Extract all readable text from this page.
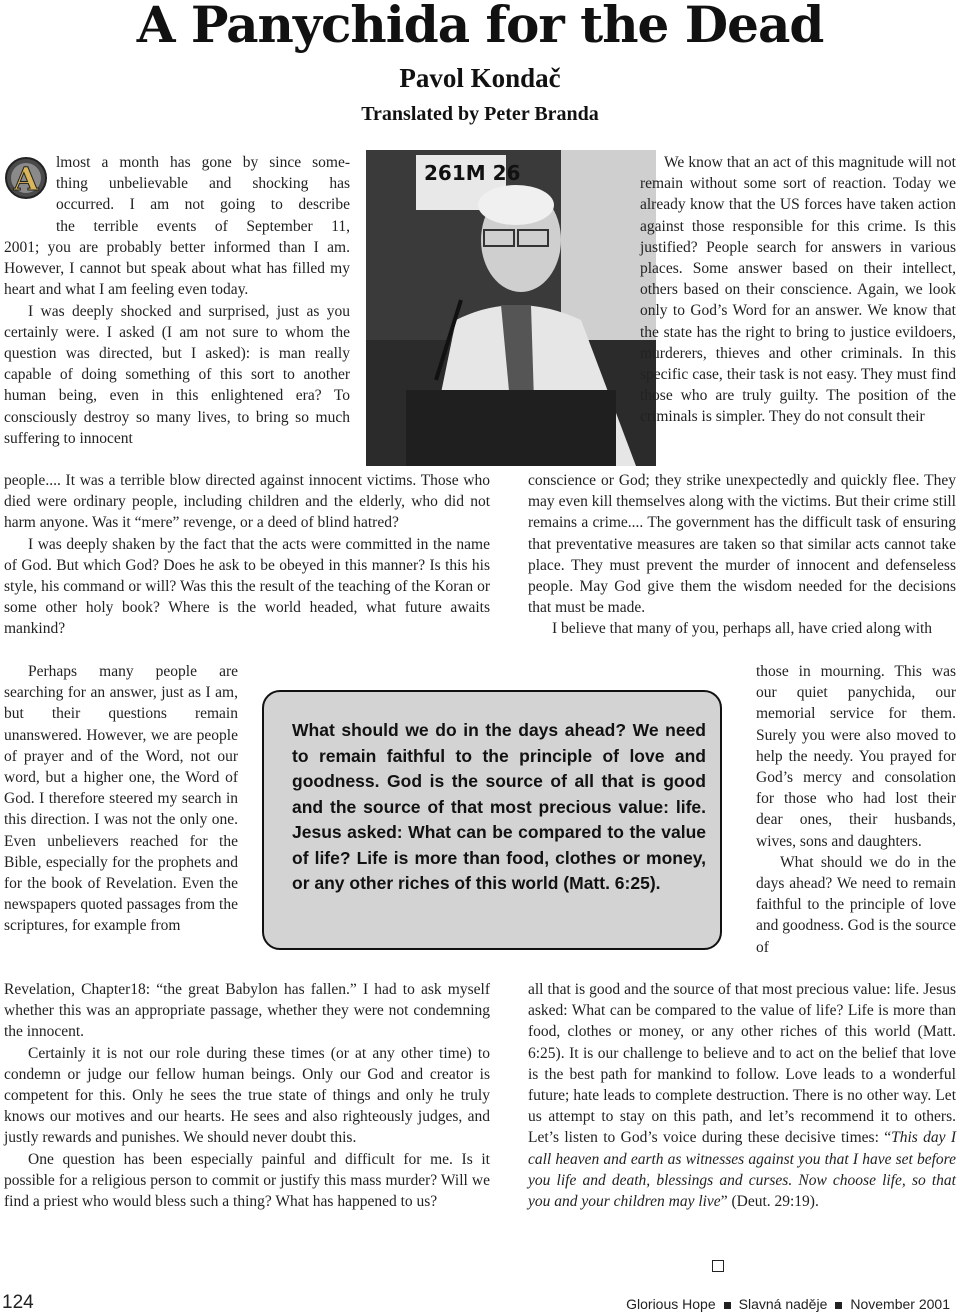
A Panychida for the Dead
Pavol Kondač
Translated by Peter Branda
A	261M 26

lmost a month has gone by since some-

thing unbelievable and shocking has

occurred. I am not going to describe

the terrible events of September 11,

2001; you are probably better informed than I am. However, I cannot but speak about what has filled my heart and what I am feeling even today.

I was deeply shocked and surprised, just as you certainly were. I asked (I am not sure to whom the question was directed, but I asked): is man really capable of doing something of this sort to another human being, even in this enlightened era? To consciously destroy so many lives, to bring so much suffering to innocent

people.... It was a terrible blow directed against innocent victims. Those who died were ordinary people, including children and the elderly, who did not harm anyone. Was it “mere” revenge, or a deed of blind hatred?

I was deeply shaken by the fact that the acts were committed in the name of God. But which God? Does he ask to be obeyed in this manner? Is this his style, his command or will? Was this the result of the teaching of the Koran or some other holy book? Where is the world headed, what future awaits mankind?

Perhaps many people are searching for an answer, just as I am, but their questions remain unanswered. However, we are people of prayer and of the Word, not our word, but a higher one, the Word of God. I therefore steered my search in this direction. I was not the only one. Even unbelievers reached for the Bible, especially for the prophets and for the book of Revelation. Even the newspapers quoted passages from the scriptures, for example from

Revelation, Chapter18: “the great Babylon has fallen.” I had to ask myself whether this was an appropriate passage, whether they were not condemning the innocent.

Certainly it is not our role during these times (or at any other time) to condemn or judge our fellow human beings. Only our God and creator is competent for this. Only he sees the true state of things and only he truly knows our motives and our hearts. He sees and also righteously judges, and justly rewards and punishes. We should never doubt this.

One question has been especially painful and difficult for me. Is it possible for a religious person to commit or justify this mass murder? Will we find a priest who would bless such a thing? What has happened to us?

We know that an act of this magnitude will not remain without some sort of reaction. Today we already know that the US forces have taken action against those responsible for this crime. Is this justified? People search for answers in various places. Some answer based on their intellect, others based on their conscience. Again, we look only to God’s Word for an answer. We know that the state has the right to bring to justice evildoers, murderers, thieves and other criminals. In this specific case, their task is not easy. They must find those who are truly guilty. The position of the criminals is simpler. They do not consult their

conscience or God; they strike unexpectedly and quickly flee. They may even kill themselves along with the victims. But their crime still remains a crime.... The government has the difficult task of ensuring that preventative measures are taken so that similar acts cannot take place. They must prevent the murder of innocent and defenseless people. May God give them the wisdom needed for the decisions that must be made.

I believe that many of you, perhaps all, have cried along with

those in mourning. This was our quiet panychida, our memorial service for them. Surely you were also moved to help the needy. You prayed for God’s mercy and consolation for those who had lost their dear ones, their husbands, wives, sons and daughters.

What should we do in the days ahead? We need to remain faithful to the principle of love and goodness. God is the source of

all that is good and the source of that most precious value: life. Jesus asked: What can be compared to the value of life? Life is more than food, clothes or money, or any other riches of this world (Matt. 6:25). It is our challenge to believe and to act on the belief that love is the best path for mankind to follow. Love leads to a wonderful future; hate leads to complete destruction. There is no other way. Let us attempt to stay on this path, and let’s recommend it to others. Let’s listen to God’s voice during these decisive times: “This day I call heaven and earth as witnesses against you that I have set before you life and death, blessings and curses. Now choose life, so that you and your children may live” (Deut. 29:19).

What should we do in the days ahead? We need to remain faithful to the principle of love and goodness. God is the source of all that is good and the source of that most precious value: life. Jesus asked: What can be compared to the value of life? Life is more than food, clothes or money, or any other riches of this world (Matt. 6:25).

124	Glorious Hope Slavná naděje November 2001
